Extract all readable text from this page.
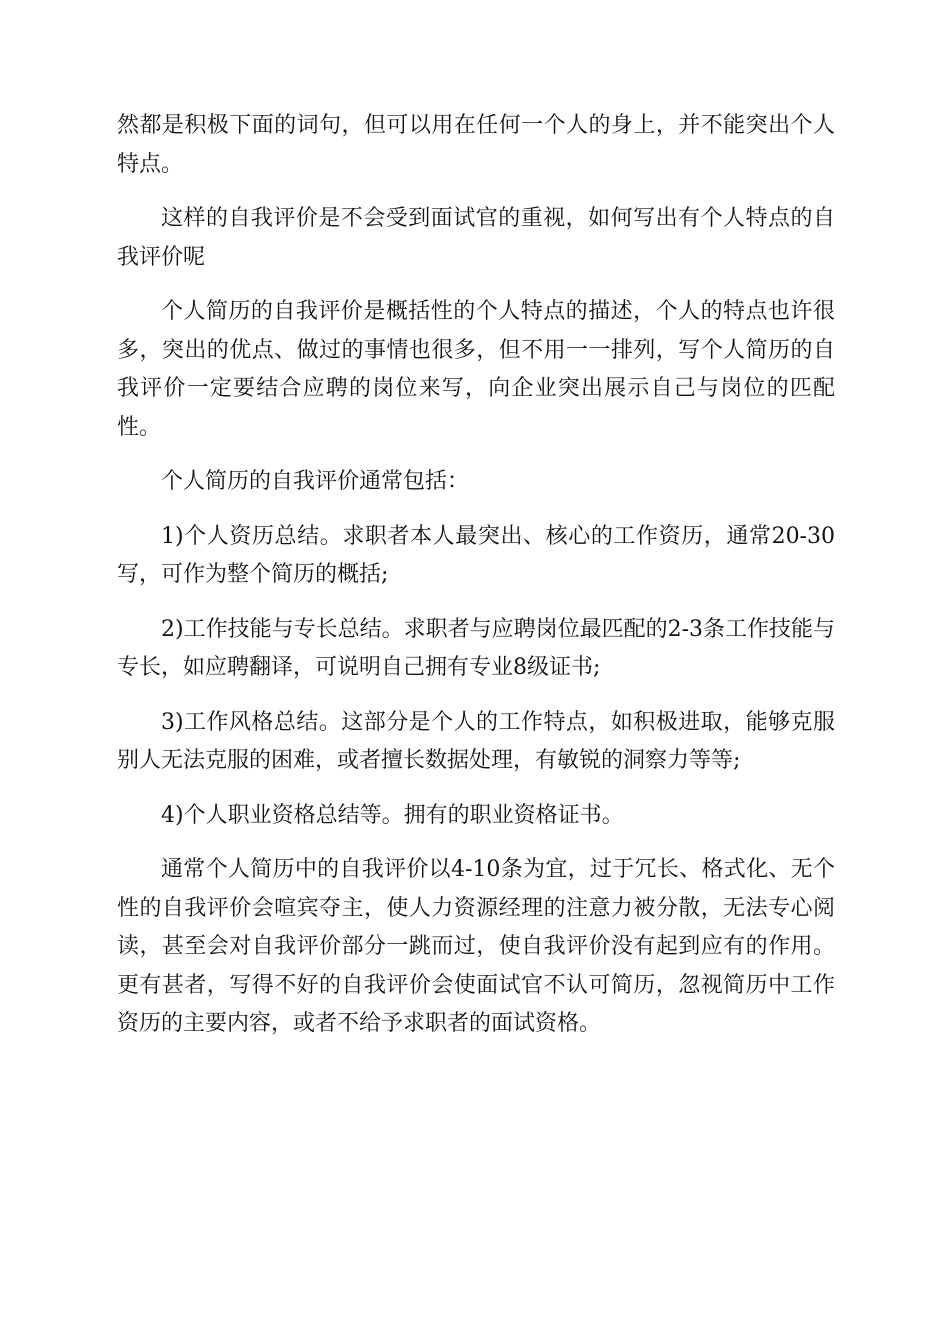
然都是积极下面的词句，但可以用在任何一个人的身上，并不能突出个人特点。

这样的自我评价是不会受到面试官的重视，如何写出有个人特点的自我评价呢

个人简历的自我评价是概括性的个人特点的描述，个人的特点也许很多，突出的优点、做过的事情也很多，但不用一一排列，写个人简历的自我评价一定要结合应聘的岗位来写，向企业突出展示自己与岗位的匹配性。

个人简历的自我评价通常包括：

1)个人资历总结。求职者本人最突出、核心的工作资历，通常20-30写，可作为整个简历的概括;

2)工作技能与专长总结。求职者与应聘岗位最匹配的2-3条工作技能与专长，如应聘翻译，可说明自己拥有专业8级证书;

3)工作风格总结。这部分是个人的工作特点，如积极进取，能够克服别人无法克服的困难，或者擅长数据处理，有敏锐的洞察力等等;

4)个人职业资格总结等。拥有的职业资格证书。

通常个人简历中的自我评价以4-10条为宜，过于冗长、格式化、无个性的自我评价会喧宾夺主，使人力资源经理的注意力被分散，无法专心阅读，甚至会对自我评价部分一跳而过，使自我评价没有起到应有的作用。更有甚者，写得不好的自我评价会使面试官不认可简历，忽视简历中工作资历的主要内容，或者不给予求职者的面试资格。
